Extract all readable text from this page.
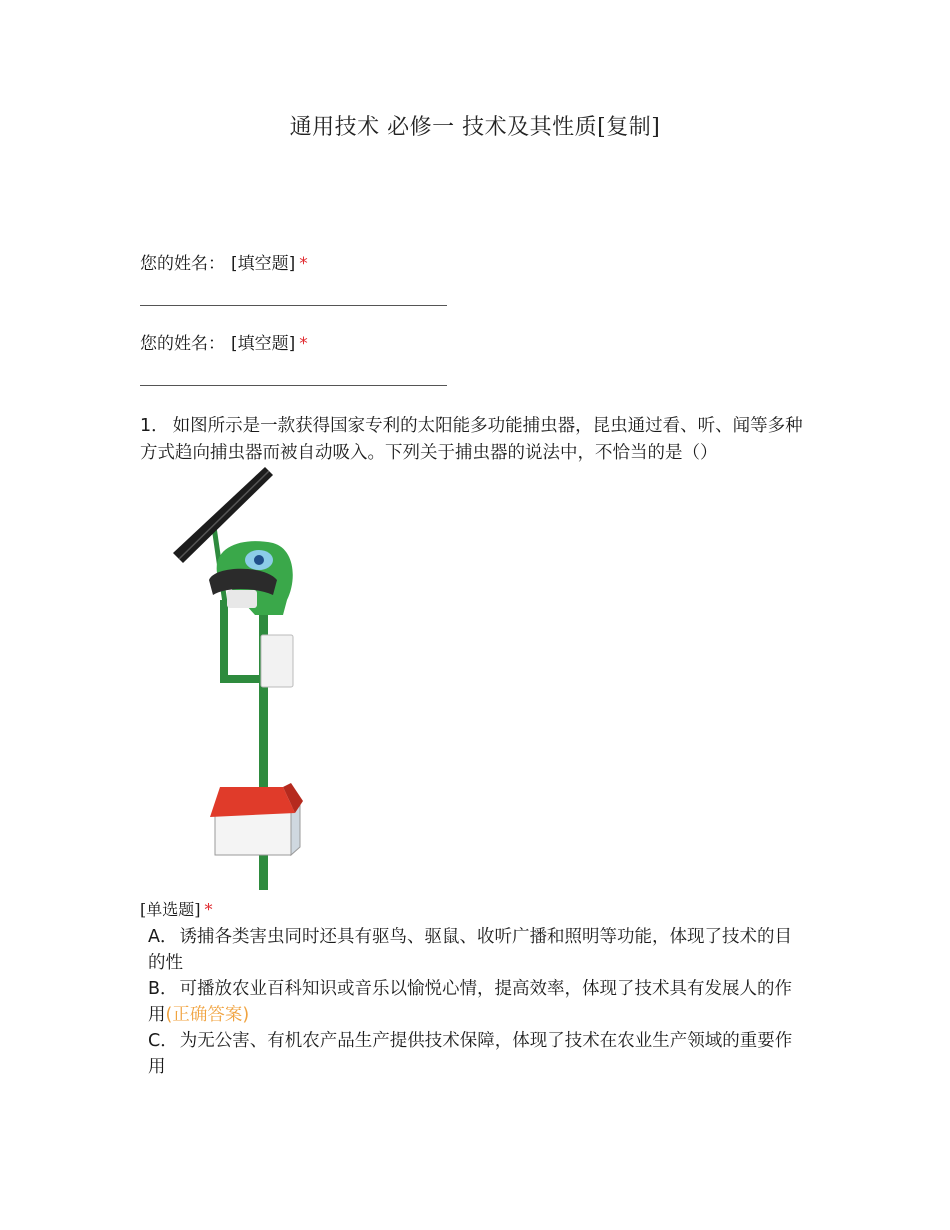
通用技术 必修一 技术及其性质[复制]
您的姓名： [填空题] *
您的姓名： [填空题] *
1． 如图所示是一款获得国家专利的太阳能多功能捕虫器，昆虫通过看、听、闻等多种方式趋向捕虫器而被自动吸入。下列关于捕虫器的说法中，不恰当的是（）
[单选题] *
A． 诱捕各类害虫同时还具有驱鸟、驱鼠、收听广播和照明等功能，体现了技术的目的性
B． 可播放农业百科知识或音乐以愉悦心情，提高效率，体现了技术具有发展人的作用(正确答案)
C． 为无公害、有机农产品生产提供技术保障，体现了技术在农业生产领域的重要作用
